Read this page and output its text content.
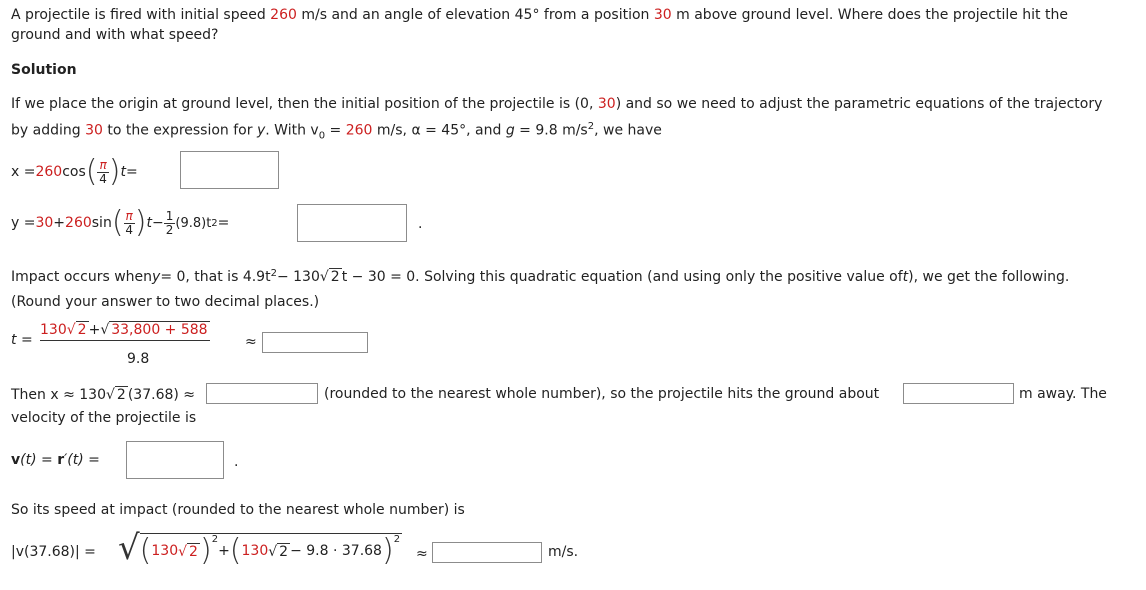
A projectile is fired with initial speed 260 m/s and an angle of elevation 45° from a position 30 m above ground level. Where does the projectile hit the
ground and with what speed?
Solution
If we place the origin at ground level, then the initial position of the projectile is (0, 30) and so we need to adjust the parametric equations of the trajectory
by adding 30 to the expression for y. With $v_0 = 260$ m/s, α = 45°, and g = 9.8 $m/s^2$, we have
x = 260 cos ( $\frac{\pi}{4}$ ) t =
y = 30 + 260 sin ( $\frac{\pi}{4}$ ) $t - \frac{1}{2} (9.8)t$ 2 =	.
Impact occurs when y = 0, that is $4.9t^2 - 130$ √ 2 t − 30 = 0. Solving this quadratic equation (and using only the positive value of t ), we get the following.
(Round your answer to two decimal places.)
t =
130 √ 2 + √ 33,800 + 588
9.8
≈
Then x ≈ 130 √ 2 (37.68) ≈	(rounded to the nearest whole number), so the projectile hits the ground about	m away. The
velocity of the projectile is
v(t) = r′(t) =	.
So its speed at impact (rounded to the nearest whole number) is
|v(37.68)| = √ ( 130 √ 2 )$^2$
+ ( 130 √ 2 − 9.8 · 37.68 )$^2$
≈	m/s.
